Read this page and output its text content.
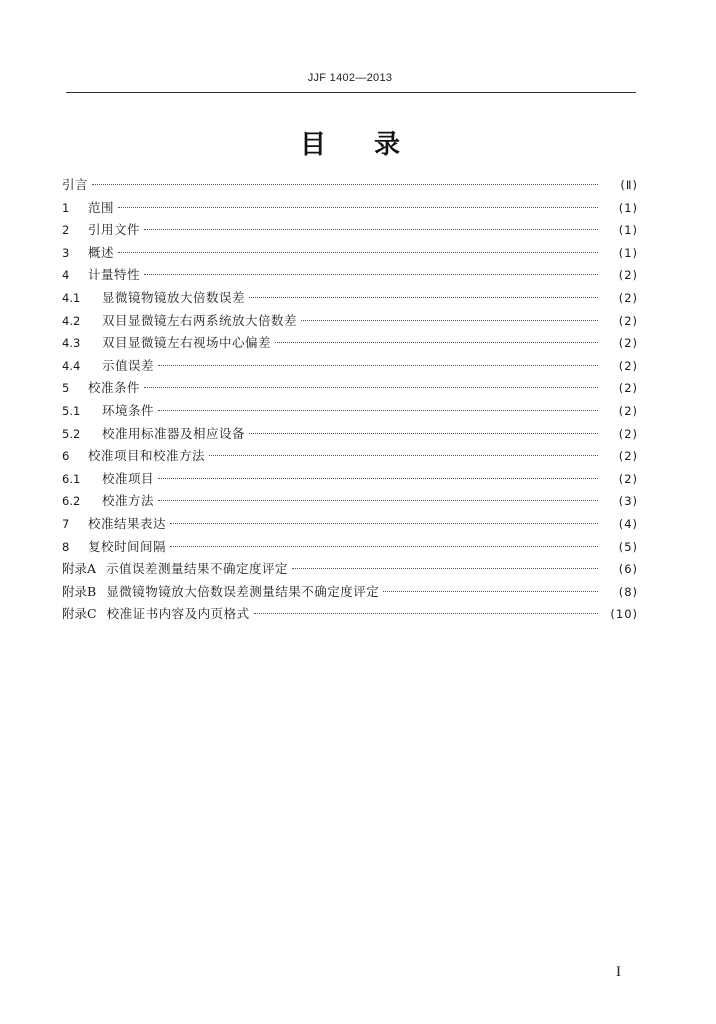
JJF 1402—2013
目 录
引言	(Ⅱ)
1	范围	(1)
2	引用文件	(1)
3	概述	(1)
4	计量特性	(2)
4.1	显微镜物镜放大倍数误差	(2)
4.2	双目显微镜左右两系统放大倍数差	(2)
4.3	双目显微镜左右视场中心偏差	(2)
4.4	示值误差	(2)
5	校准条件	(2)
5.1	环境条件	(2)
5.2	校准用标准器及相应设备	(2)
6	校准项目和校准方法	(2)
6.1	校准项目	(2)
6.2	校准方法	(3)
7	校准结果表达	(4)
8	复校时间间隔	(5)
附录A 示值误差测量结果不确定度评定	(6)
附录B 显微镜物镜放大倍数误差测量结果不确定度评定	(8)
附录C 校准证书内容及内页格式	(10)
I
